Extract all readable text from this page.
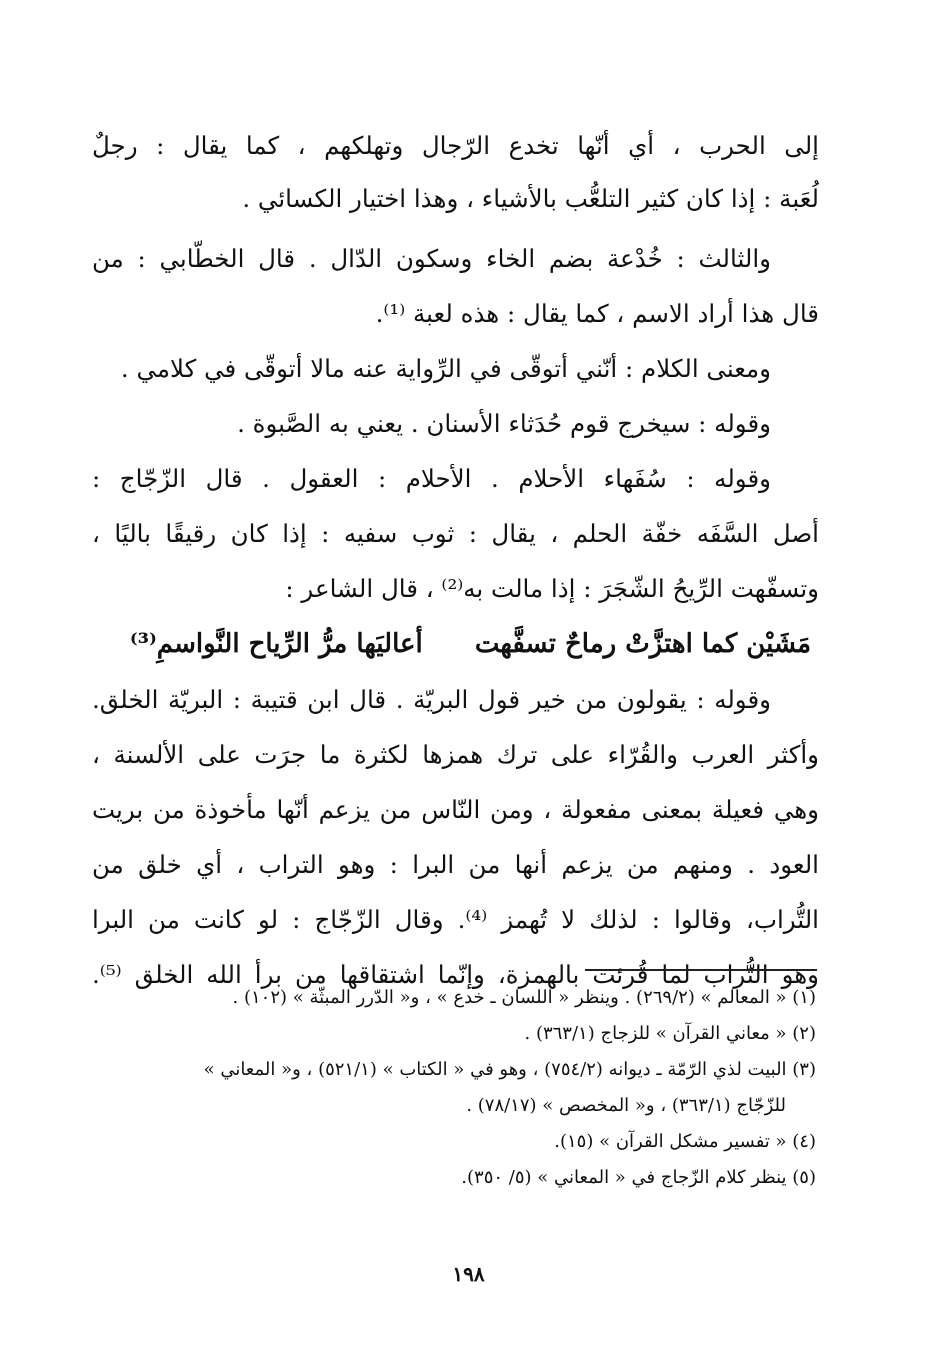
إلى الحرب ، أي أنّها تخدع الرّجال وتهلكهم ، كما يقال : رجلٌ
لُعَبة : إذا كان كثير التلعُّب بالأشياء ، وهذا اختيار الكسائي .
والثالث : خُدْعة بضم الخاء وسكون الدّال . قال الخطّابي : من
قال هذا أراد الاسم ، كما يقال : هذه لعبة ⁽¹⁾.
ومعنى الكلام : أنّني أتوقّى في الرِّواية عنه مالا أتوقّى في كلامي .
وقوله : سيخرج قوم حُدَثاء الأسنان . يعني به الصَّبوة .
وقوله : سُفَهاء الأحلام . الأحلام : العقول . قال الزّجّاج :
أصل السَّفَه خفّة الحلم ، يقال : ثوب سفيه : إذا كان رقيقًا باليًا ،
وتسفّهت الرِّيحُ الشّجَرَ : إذا مالت به⁽²⁾ ، قال الشاعر :
مَشَيْن كما اهتزَّتْ رماحٌ تسفَّهت  أعاليَها مرُّ الرِّياح النَّواسمِ⁽³⁾
وقوله : يقولون من خير قول البريّة . قال ابن قتيبة : البريّة الخلق.
وأكثر العرب والقُرّاء على ترك همزها لكثرة ما جرَت على الألسنة ،
وهي فعيلة بمعنى مفعولة ، ومن النّاس من يزعم أنّها مأخوذة من بريت
العود . ومنهم من يزعم أنها من البرا : وهو التراب ، أي خلق من
التُّراب، وقالوا : لذلك لا تُهمز ⁽⁴⁾. وقال الزّجّاج : لو كانت من البرا
وهو التُّراب لما قُرئت بالهمزة، وإنّما اشتقاقها من برأ الله الخلق ⁽⁵⁾.
(١) « المعالم » (٢٦٩/٢) . وينظر « اللسان ـ خدع » ، و« الدّرر المبثّة » (١٠٢) .
(٢) « معاني القرآن » للزجاج (٣٦٣/١) .
(٣) البيت لذي الرّمّة ـ ديوانه (٧٥٤/٢) ، وهو في « الكتاب » (٥٢١/١) ، و« المعاني »
للزّجّاج (٣٦٣/١) ، و« المخصص » (٧٨/١٧) .
(٤) « تفسير مشكل القرآن » (١٥).
(٥) ينظر كلام الزّجاج في « المعاني » (٥/ ٣٥٠).
١٩٨
